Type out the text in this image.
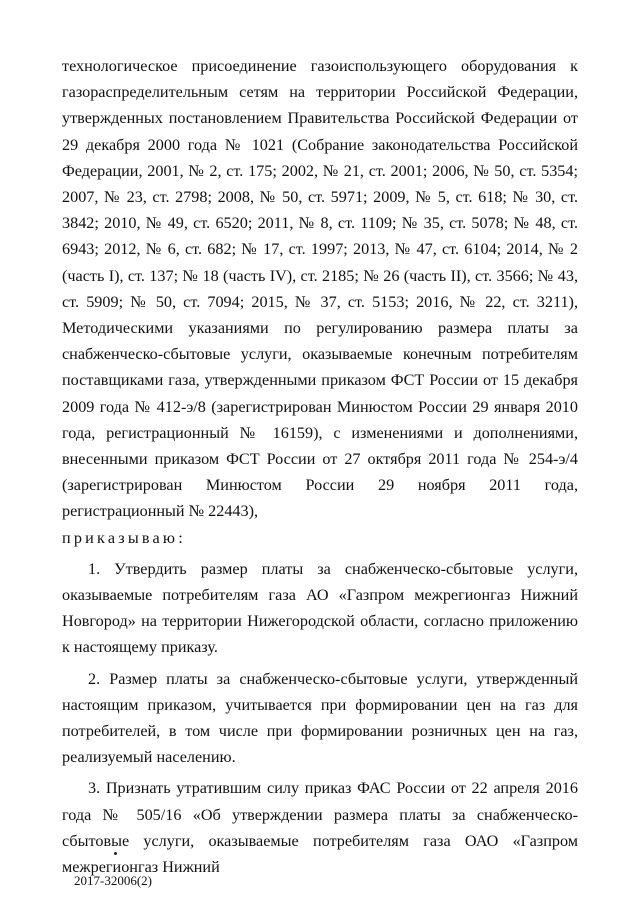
технологическое присоединение газоиспользующего оборудования к газораспределительным сетям на территории Российской Федерации, утвержденных постановлением Правительства Российской Федерации от 29 декабря 2000 года № 1021 (Собрание законодательства Российской Федерации, 2001, № 2, ст. 175; 2002, № 21, ст. 2001; 2006, № 50, ст. 5354; 2007, № 23, ст. 2798; 2008, № 50, ст. 5971; 2009, № 5, ст. 618; № 30, ст. 3842; 2010, № 49, ст. 6520; 2011, № 8, ст. 1109; № 35, ст. 5078; № 48, ст. 6943; 2012, № 6, ст. 682; № 17, ст. 1997; 2013, № 47, ст. 6104; 2014, № 2 (часть I), ст. 137; № 18 (часть IV), ст. 2185; № 26 (часть II), ст. 3566; № 43, ст. 5909; № 50, ст. 7094; 2015, № 37, ст. 5153; 2016, № 22, ст. 3211), Методическими указаниями по регулированию размера платы за снабженческо-сбытовые услуги, оказываемые конечным потребителям поставщиками газа, утвержденными приказом ФСТ России от 15 декабря 2009 года № 412-э/8 (зарегистрирован Минюстом России 29 января 2010 года, регистрационный № 16159), с изменениями и дополнениями, внесенными приказом ФСТ России от 27 октября 2011 года № 254-э/4 (зарегистрирован Минюстом России 29 ноября 2011 года, регистрационный № 22443),

приказываю:

1. Утвердить размер платы за снабженческо-сбытовые услуги, оказываемые потребителям газа АО «Газпром межрегионгаз Нижний Новгород» на территории Нижегородской области, согласно приложению к настоящему приказу.

2. Размер платы за снабженческо-сбытовые услуги, утвержденный настоящим приказом, учитывается при формировании цен на газ для потребителей, в том числе при формировании розничных цен на газ, реализуемый населению.

3. Признать утратившим силу приказ ФАС России от 22 апреля 2016 года № 505/16 «Об утверждении размера платы за снабженческо-сбытовые услуги, оказываемые потребителям газа ОАО «Газпром межрегионгаз Нижний

2017-32006(2)
